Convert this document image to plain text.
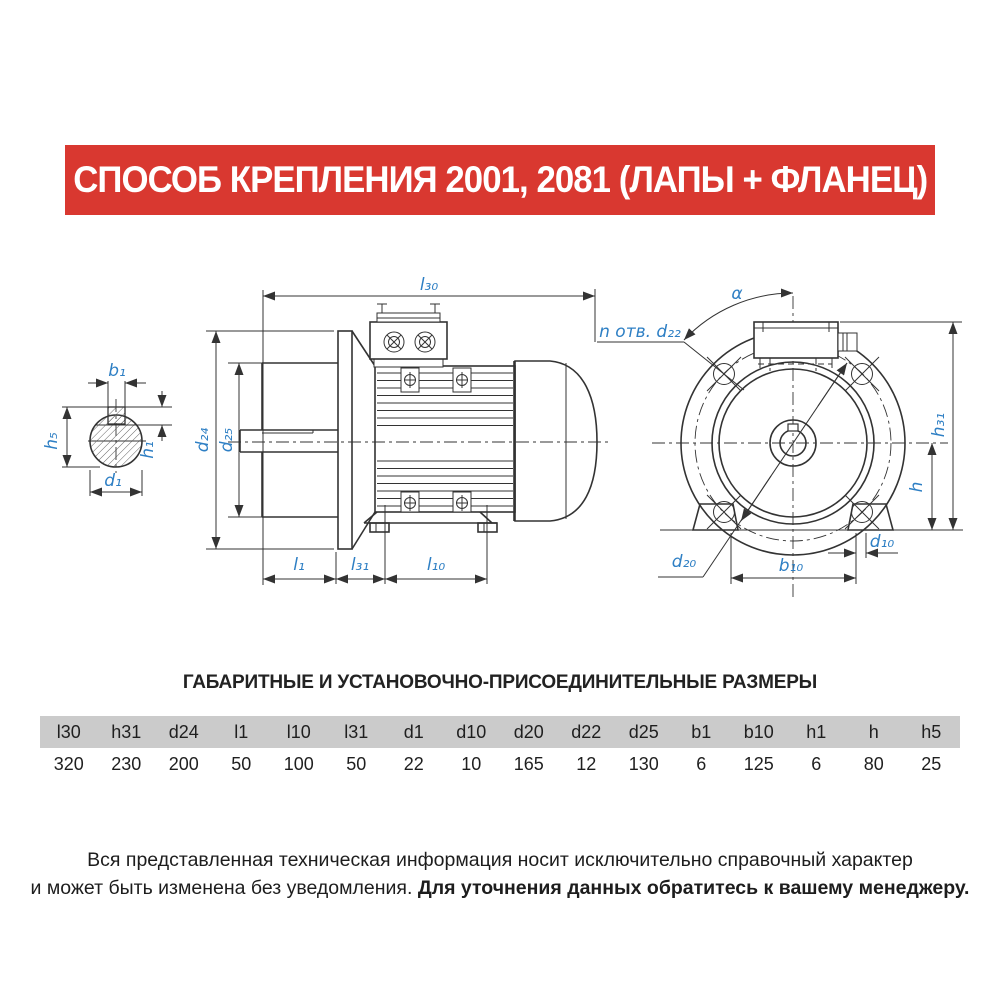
СПОСОБ КРЕПЛЕНИЯ 2001, 2081 (ЛАПЫ + ФЛАНЕЦ)
b₁
h₅
h₁
d₁
l₃₀
d₂₄ d₂₅
l₁	l₃₁	l₁₀
α
n отв. d₂₂
h₃₁
h
d₁₀
d₂₀	b₁₀
ГАБАРИТНЫЕ И УСТАНОВОЧНО-ПРИСОЕДИНИТЕЛЬНЫЕ РАЗМЕРЫ
l30	h31	d24	l1	l10	l31	d1	d10	d20	d22	d25	b1	b10	h1	h	h5
320	230	200	50	100	50	22	10	165	12	130	6	125	6	80	25
Вся представленная техническая информация носит исключительно справочный характер
и может быть изменена без уведомления. Для уточнения данных обратитесь к вашему менеджеру.
